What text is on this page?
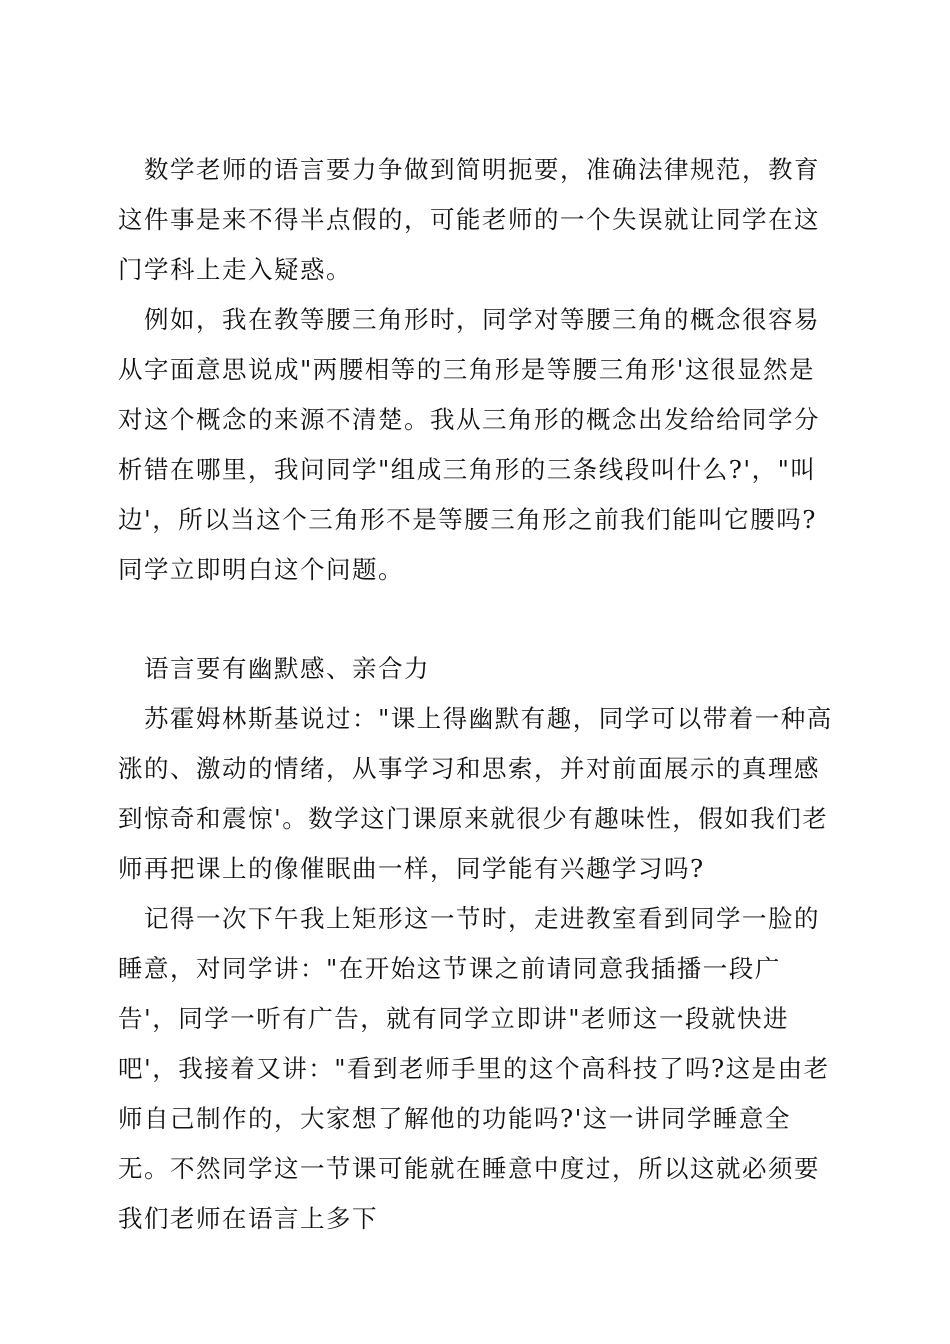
数学老师的语言要力争做到简明扼要，准确法律规范，教育这件事是来不得半点假的，可能老师的一个失误就让同学在这门学科上走入疑惑。

例如，我在教等腰三角形时，同学对等腰三角的概念很容易从字面意思说成"两腰相等的三角形是等腰三角形'这很显然是对这个概念的来源不清楚。我从三角形的概念出发给给同学分析错在哪里，我问同学"组成三角形的三条线段叫什么?'，"叫边'，所以当这个三角形不是等腰三角形之前我们能叫它腰吗?同学立即明白这个问题。

语言要有幽默感、亲合力

苏霍姆林斯基说过："课上得幽默有趣，同学可以带着一种高涨的、激动的情绪，从事学习和思索，并对前面展示的真理感到惊奇和震惊'。数学这门课原来就很少有趣味性，假如我们老师再把课上的像催眠曲一样，同学能有兴趣学习吗?

记得一次下午我上矩形这一节时，走进教室看到同学一脸的睡意，对同学讲："在开始这节课之前请同意我插播一段广告'，同学一听有广告，就有同学立即讲"老师这一段就快进吧'，我接着又讲："看到老师手里的这个高科技了吗?这是由老师自己制作的，大家想了解他的功能吗?'这一讲同学睡意全无。不然同学这一节课可能就在睡意中度过，所以这就必须要我们老师在语言上多下
